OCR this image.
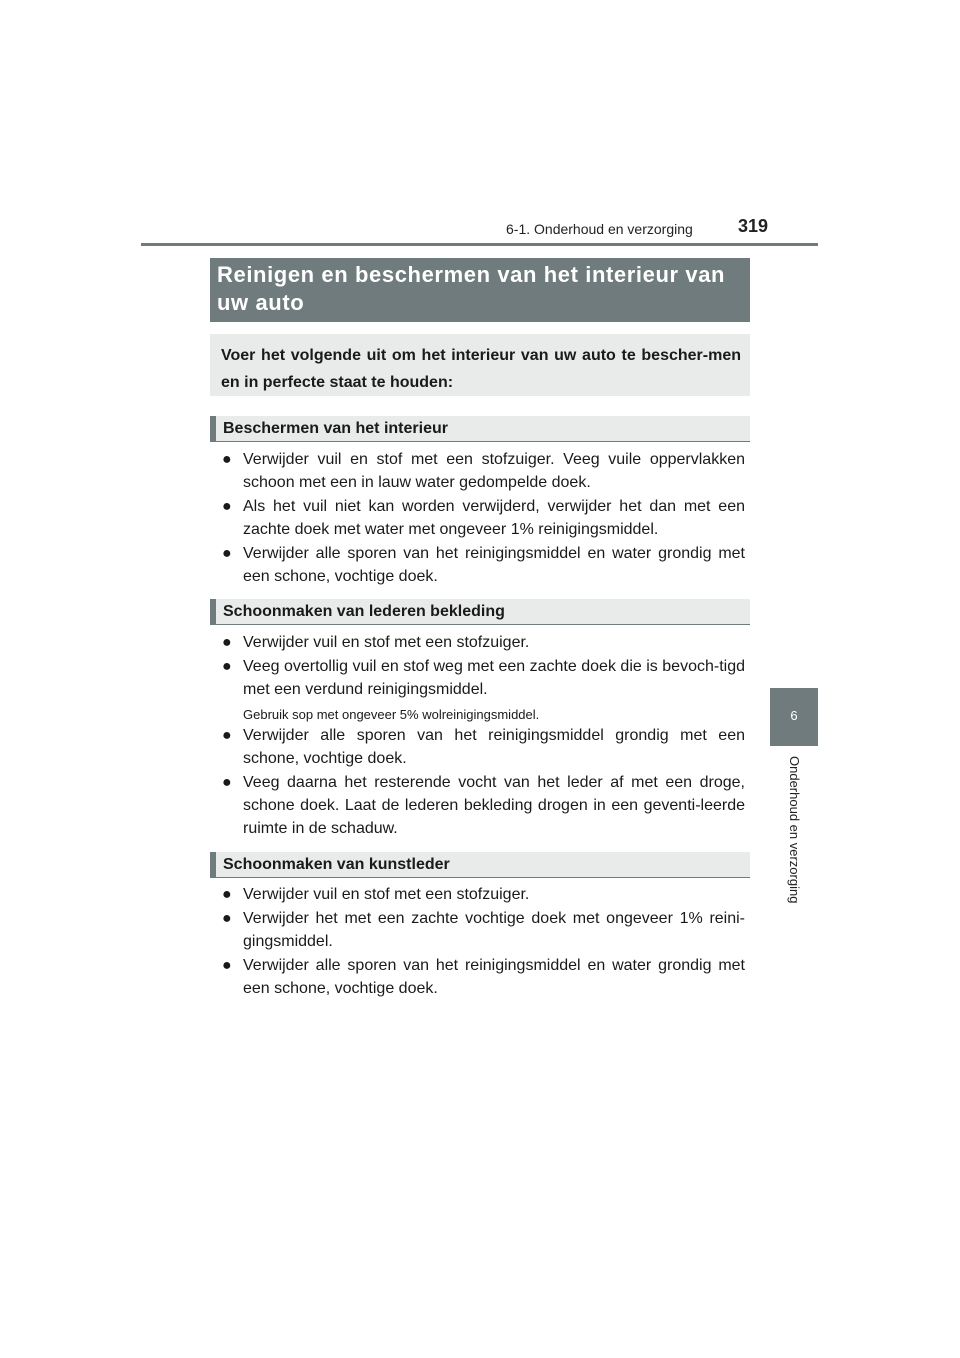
6-1. Onderhoud en verzorging	319
6
Onderhoud en verzorging
Reinigen en beschermen van het interieur van uw auto

Voer het volgende uit om het interieur van uw auto te bescher-men en in perfecte staat te houden:

Beschermen van het interieur
● Verwijder vuil en stof met een stofzuiger. Veeg vuile oppervlakken schoon met een in lauw water gedompelde doek.
● Als het vuil niet kan worden verwijderd, verwijder het dan met een zachte doek met water met ongeveer 1% reinigingsmiddel.
● Verwijder alle sporen van het reinigingsmiddel en water grondig met een schone, vochtige doek.
Schoonmaken van lederen bekleding
● Verwijder vuil en stof met een stofzuiger.
● Veeg overtollig vuil en stof weg met een zachte doek die is bevoch-tigd met een verdund reinigingsmiddel.
Gebruik sop met ongeveer 5% wolreinigingsmiddel.
● Verwijder alle sporen van het reinigingsmiddel grondig met een schone, vochtige doek.
● Veeg daarna het resterende vocht van het leder af met een droge, schone doek. Laat de lederen bekleding drogen in een geventi-leerde ruimte in de schaduw.
Schoonmaken van kunstleder
● Verwijder vuil en stof met een stofzuiger.
● Verwijder het met een zachte vochtige doek met ongeveer 1% reini-gingsmiddel.
● Verwijder alle sporen van het reinigingsmiddel en water grondig met een schone, vochtige doek.
